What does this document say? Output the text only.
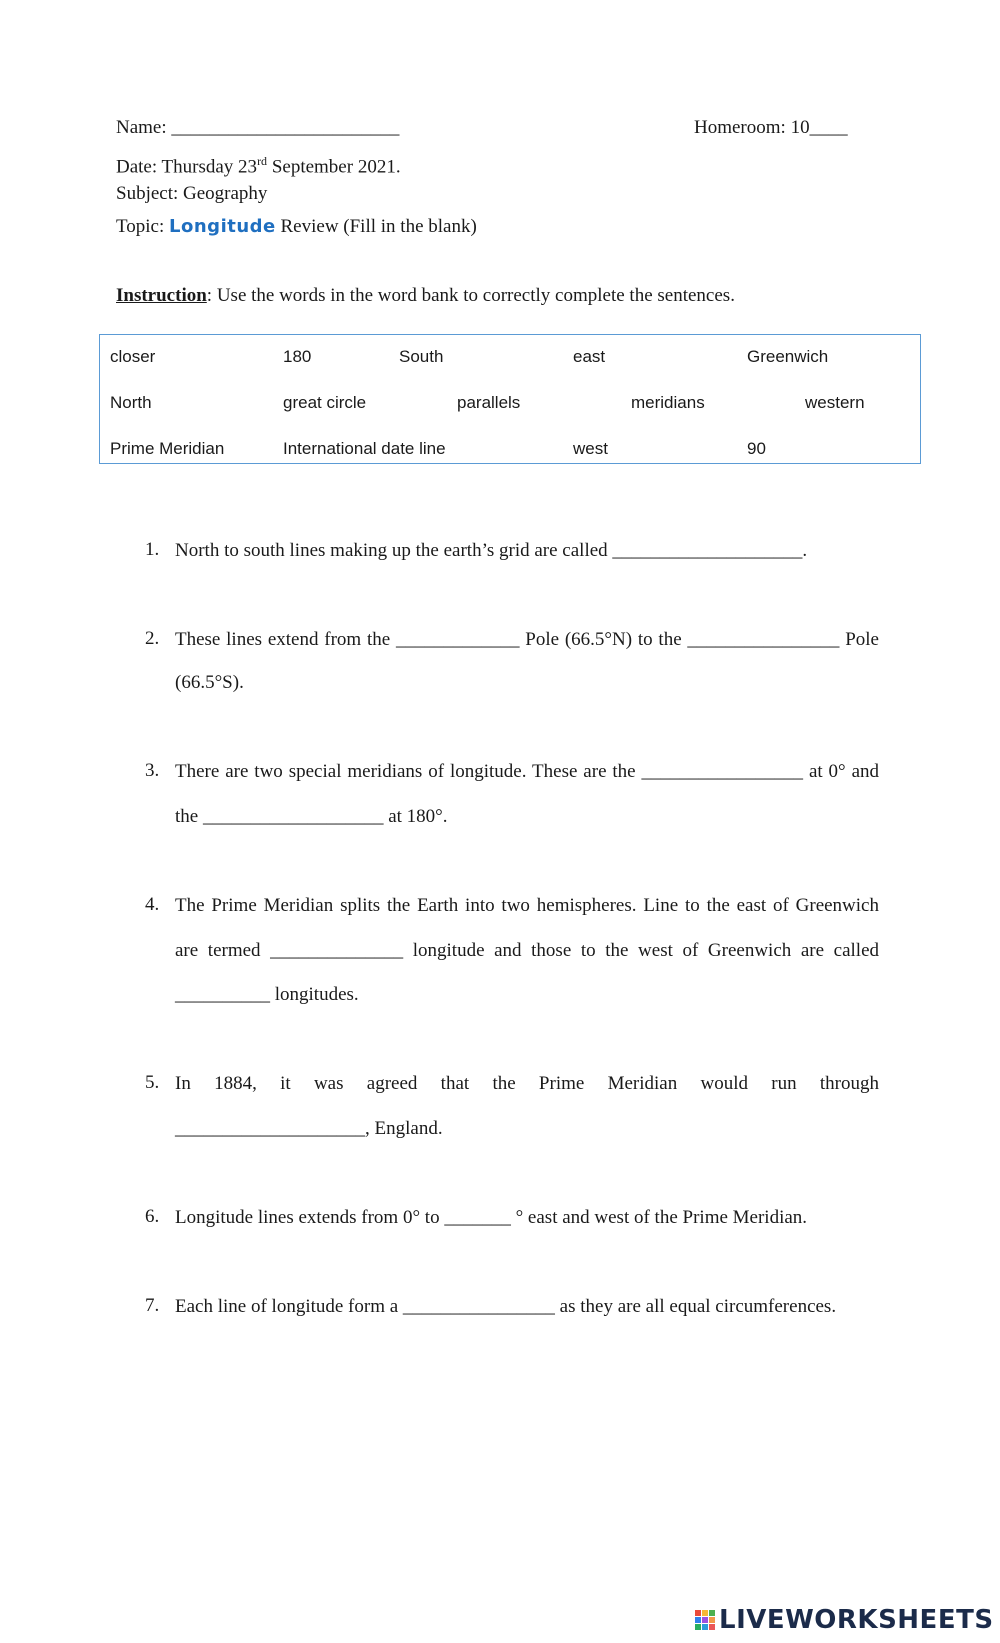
Name: ________________________	Homeroom: 10____
Date: Thursday 23rd September 2021.
Subject: Geography
Topic: Longitude Review (Fill in the blank)
Instruction: Use the words in the word bank to correctly complete the sentences.
closer	180	South	east	Greenwich
North	great circle	parallels	meridians	western
Prime Meridian	International date line	west	90
1. North to south lines making up the earth’s grid are called ____________________.
2. These lines extend from the _____________ Pole (66.5°N) to the ________________ Pole
(66.5°S).
3. There are two special meridians of longitude. These are the _________________ at 0° and
the ___________________ at 180°.
4. The Prime Meridian splits the Earth into two hemispheres. Line to the east of Greenwich
are termed ______________ longitude and those to the west of Greenwich are called
__________ longitudes.
5. In 1884, it was agreed that the Prime Meridian would run through
____________________, England.
6. Longitude lines extends from 0° to _______ ° east and west of the Prime Meridian.
7. Each line of longitude form a ________________ as they are all equal circumferences.
LIVEWORKSHEETS
